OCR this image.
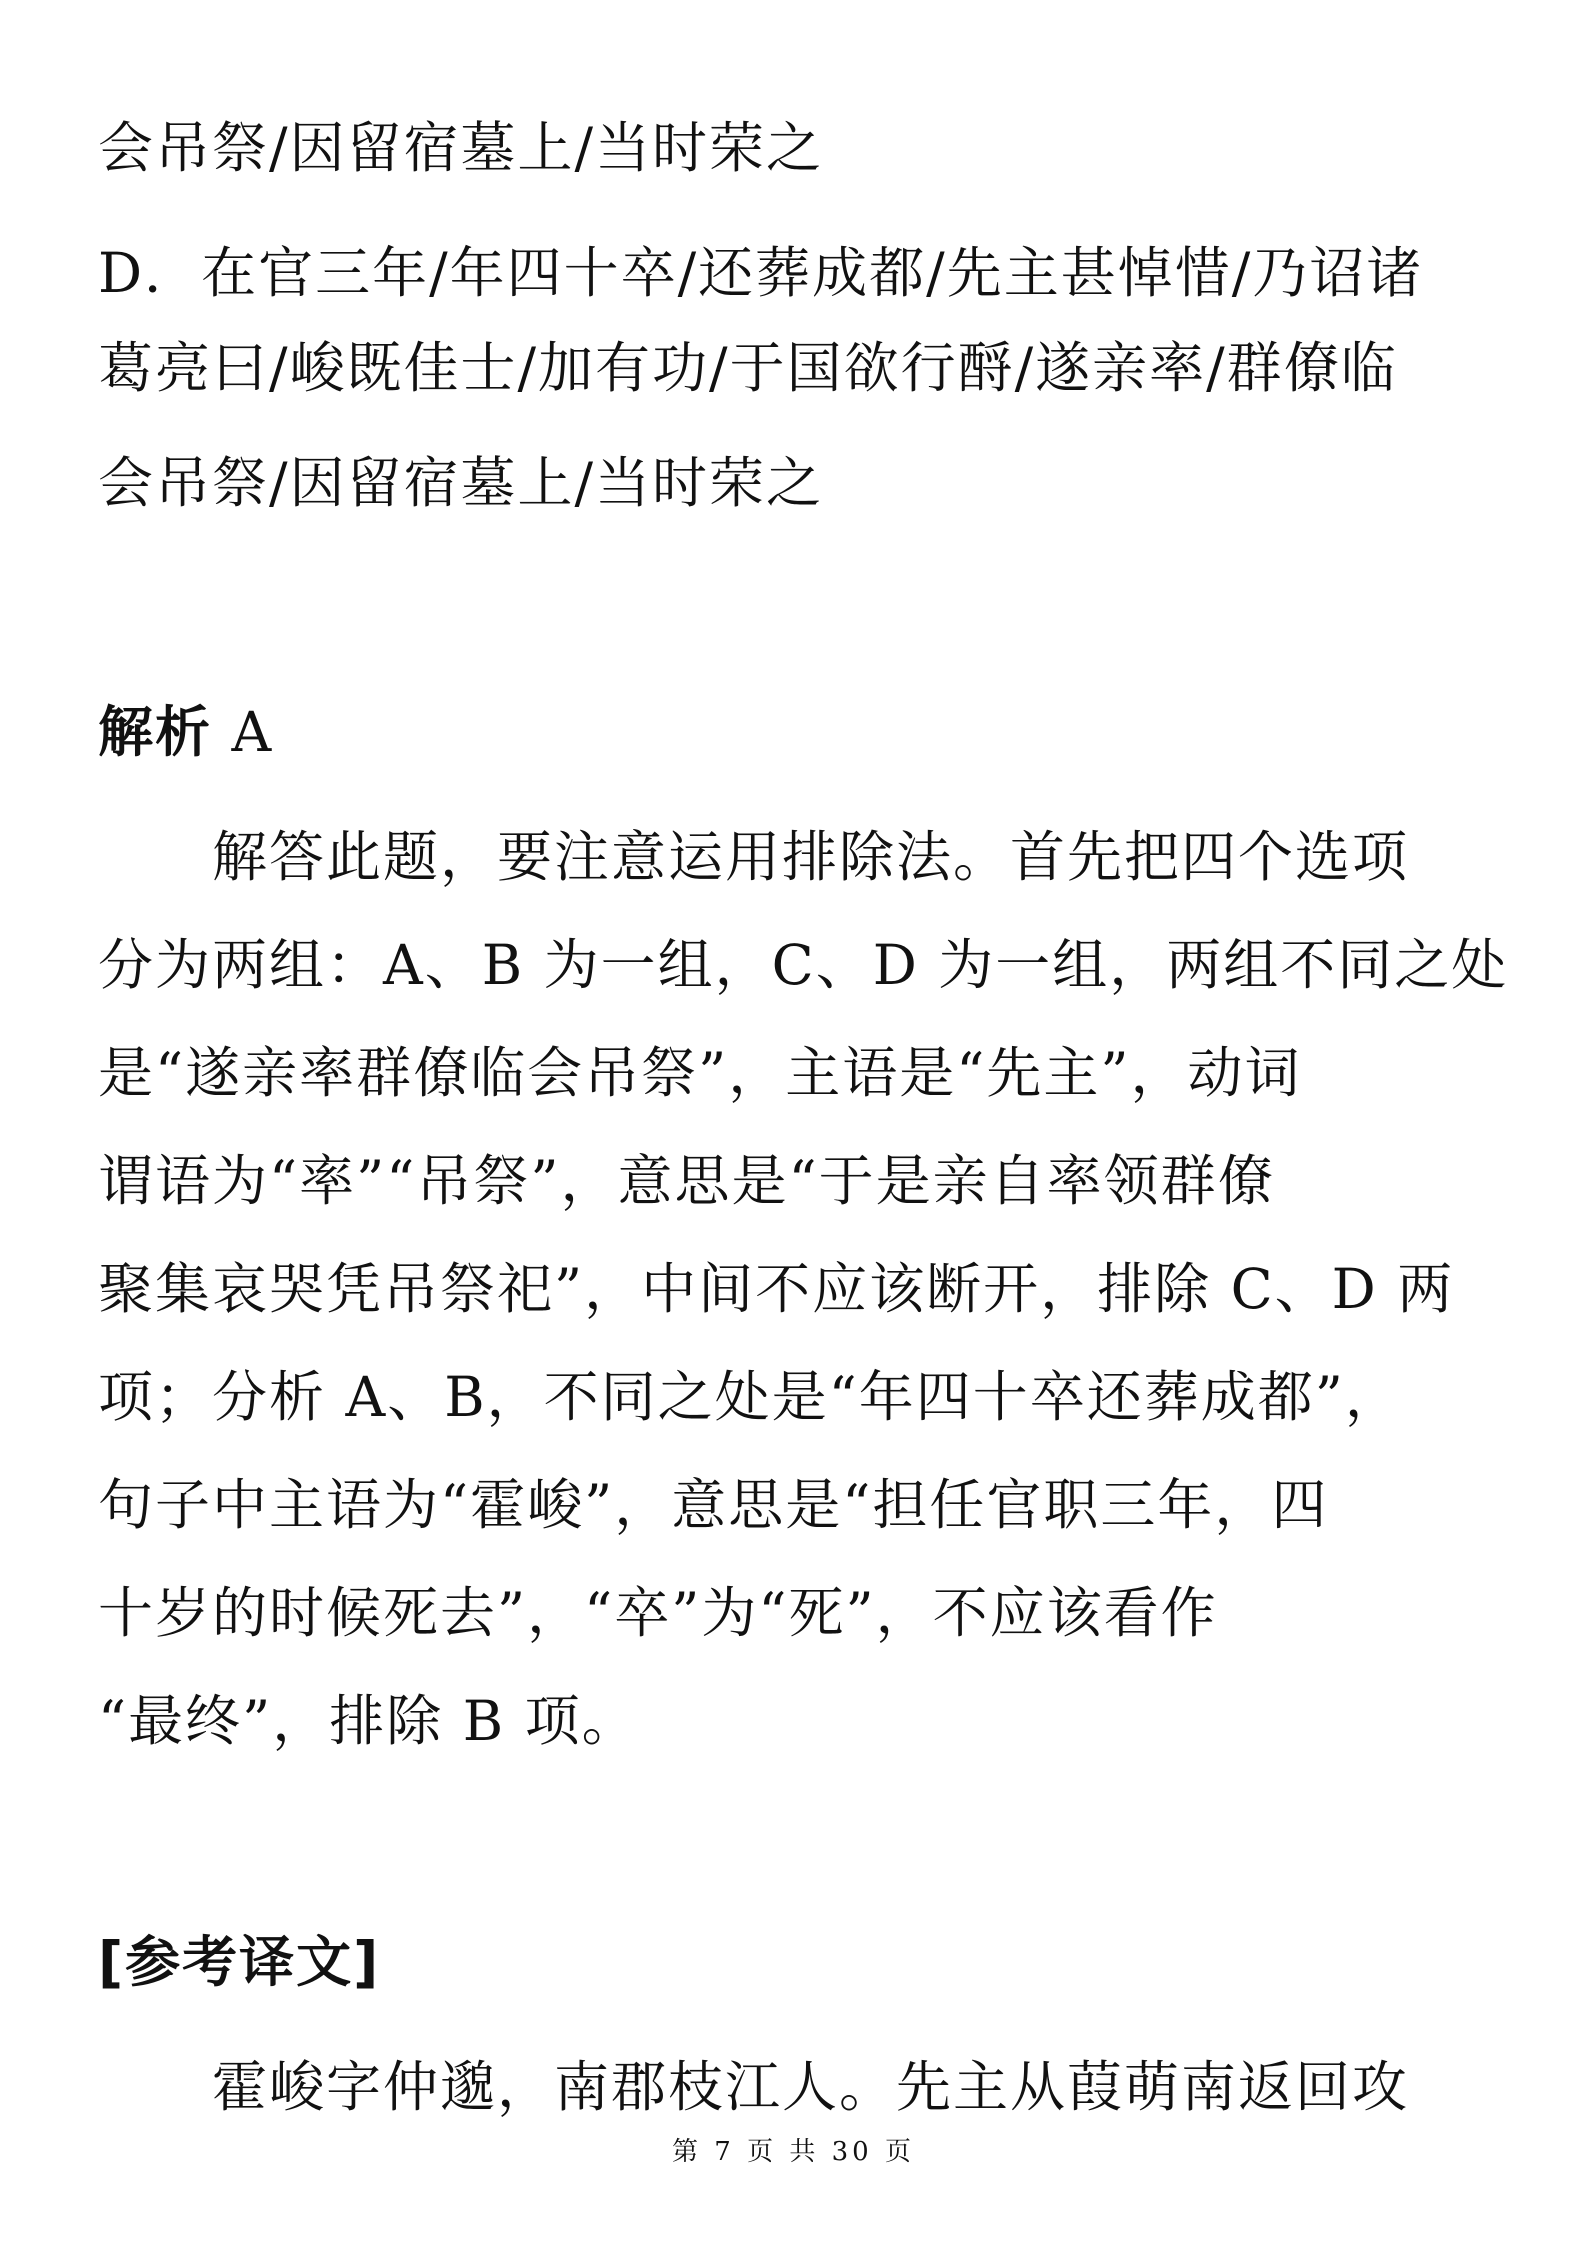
会吊祭/因留宿墓上/当时荣之
D．在官三年/年四十卒/还葬成都/先主甚悼惜/乃诏诸
葛亮曰/峻既佳士/加有功/于国欲行酹/遂亲率/群僚临
会吊祭/因留宿墓上/当时荣之
解析 A
解答此题，要注意运用排除法。首先把四个选项
分为两组：A、B 为一组，C、D 为一组，两组不同之处
是“遂亲率群僚临会吊祭”，主语是“先主”，动词
谓语为“率”“吊祭”，意思是“于是亲自率领群僚
聚集哀哭凭吊祭祀”，中间不应该断开，排除 C、D 两
项；分析 A、B，不同之处是“年四十卒还葬成都”，
句子中主语为“霍峻”，意思是“担任官职三年，四
十岁的时候死去”，“卒”为“死”，不应该看作
“最终”，排除 B 项。
[参考译文]
霍峻字仲邈，南郡枝江人。先主从葭萌南返回攻
第 7 页 共 30 页
